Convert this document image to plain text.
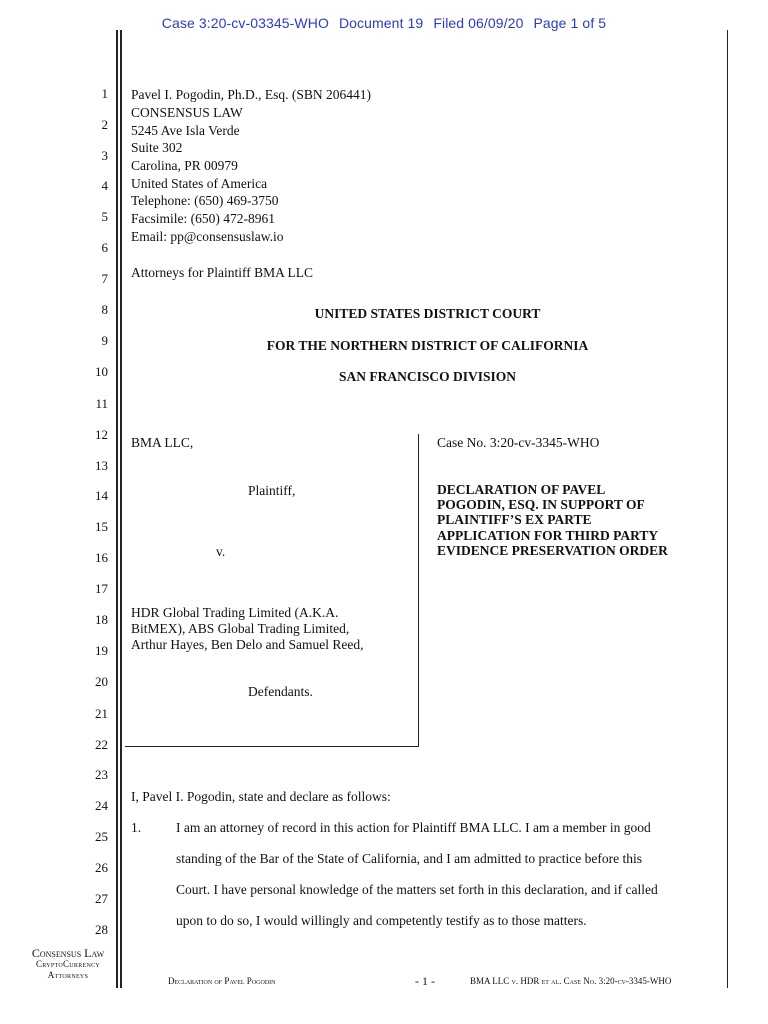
Case 3:20-cv-03345-WHO Document 19 Filed 06/09/20 Page 1 of 5
1
2
3
4
5
6
7
8
9
10
11
12
13
14
15
16
17
18
19
20
21
22
23
24
25
26
27
28
Pavel I. Pogodin, Ph.D., Esq. (SBN 206441)
CONSENSUS LAW
5245 Ave Isla Verde
Suite 302
Carolina, PR 00979
United States of America
Telephone: (650) 469-3750
Facsimile: (650) 472-8961
Email: pp@consensuslaw.io
Attorneys for Plaintiff BMA LLC
UNITED STATES DISTRICT COURT
FOR THE NORTHERN DISTRICT OF CALIFORNIA
SAN FRANCISCO DIVISION
BMA LLC,
Plaintiff,
v.
HDR Global Trading Limited (A.K.A.
BitMEX), ABS Global Trading Limited,
Arthur Hayes, Ben Delo and Samuel Reed,
Defendants.
Case No. 3:20-cv-3345-WHO
DECLARATION OF PAVEL
POGODIN, ESQ. IN SUPPORT OF
PLAINTIFF’S EX PARTE
APPLICATION FOR THIRD PARTY
EVIDENCE PRESERVATION ORDER
I, Pavel I. Pogodin, state and declare as follows:
1.	I am an attorney of record in this action for Plaintiff BMA LLC. I am a member in good
standing of the Bar of the State of California, and I am admitted to practice before this
Court. I have personal knowledge of the matters set forth in this declaration, and if called
upon to do so, I would willingly and competently testify as to those matters.
Consensus Law
CryptoCurrency
Attorneys
Declaration of Pavel Pogodin	- 1 -	BMA LLC v. HDR et al. Case No. 3:20-cv-3345-WHO
